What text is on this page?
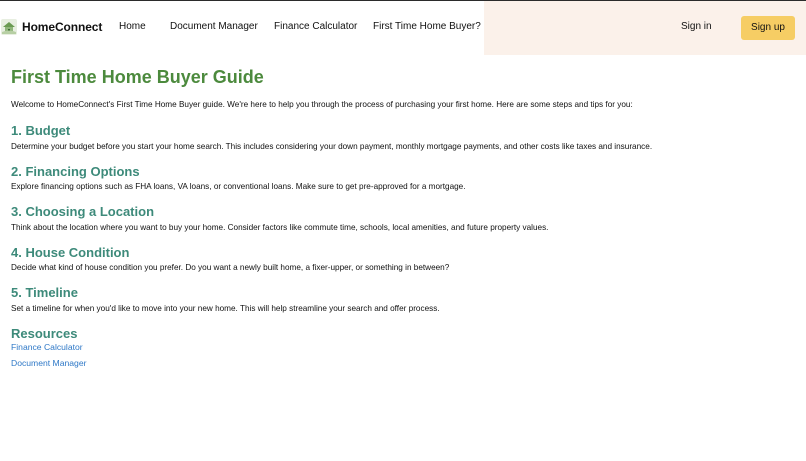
HomeConnect Home Document Manager Finance Calculator First Time Home Buyer?	Sign in	Sign up
First Time Home Buyer Guide

Welcome to HomeConnect's First Time Home Buyer guide. We're here to help you through the process of purchasing your first home. Here are some steps and tips for you:

1. Budget

Determine your budget before you start your home search. This includes considering your down payment, monthly mortgage payments, and other costs like taxes and insurance.

2. Financing Options

Explore financing options such as FHA loans, VA loans, or conventional loans. Make sure to get pre-approved for a mortgage.

3. Choosing a Location

Think about the location where you want to buy your home. Consider factors like commute time, schools, local amenities, and future property values.

4. House Condition

Decide what kind of house condition you prefer. Do you want a newly built home, a fixer-upper, or something in between?

5. Timeline

Set a timeline for when you'd like to move into your new home. This will help streamline your search and offer process.

Resources
Finance Calculator
Document Manager
